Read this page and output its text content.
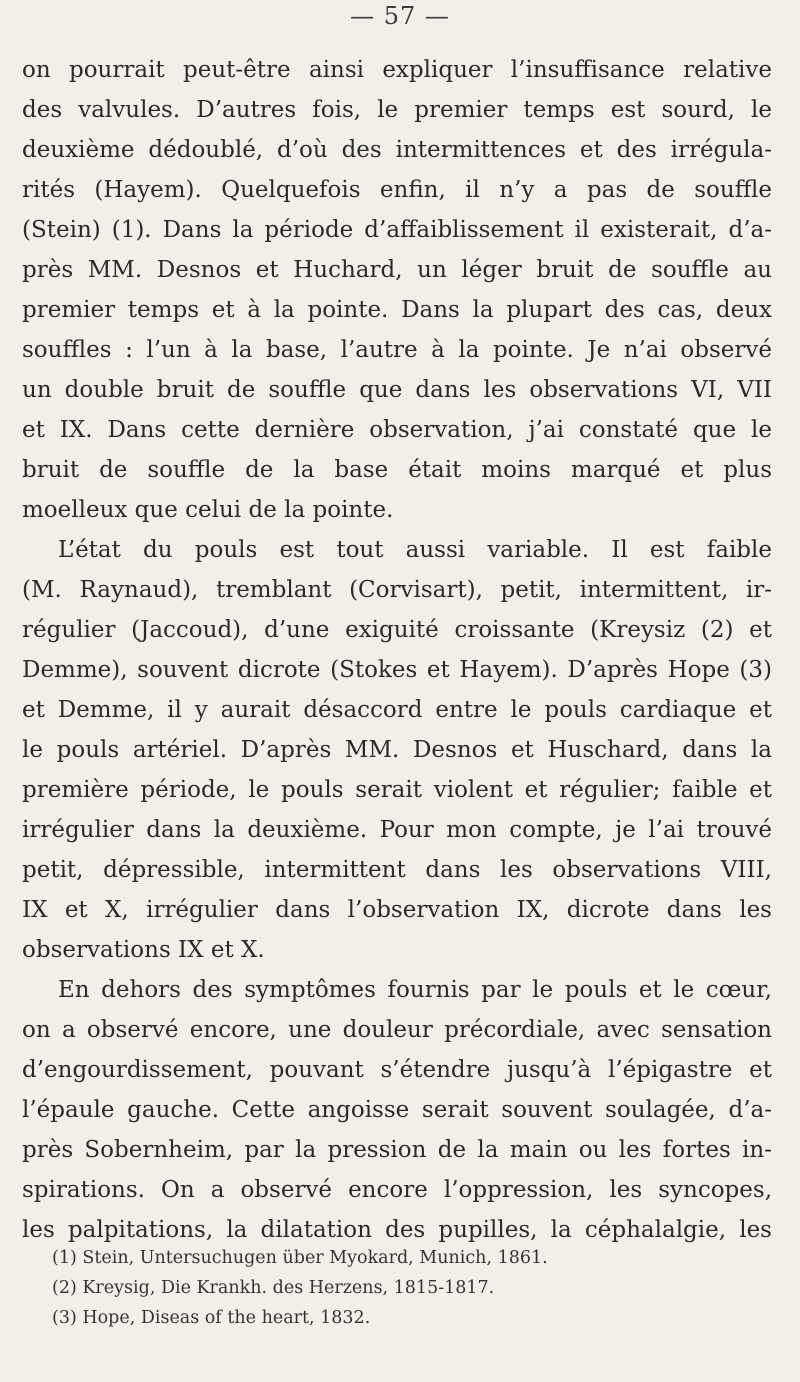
— 57 —
on pourrait peut-être ainsi expliquer l’insuffisance relative
des valvules. D’autres fois, le premier temps est sourd, le
deuxième dédoublé, d’où des intermittences et des irrégula-
rités (Hayem). Quelquefois enfin, il n’y a pas de souffle
(Stein) (1). Dans la période d’affaiblissement il existerait, d’a-
près MM. Desnos et Huchard, un léger bruit de souffle au
premier temps et à la pointe. Dans la plupart des cas, deux
souffles : l’un à la base, l’autre à la pointe. Je n’ai observé
un double bruit de souffle que dans les observations VI, VII
et IX. Dans cette dernière observation, j’ai constaté que le
bruit de souffle de la base était moins marqué et plus
moelleux que celui de la pointe.
L’état du pouls est tout aussi variable. Il est faible
(M. Raynaud), tremblant (Corvisart), petit, intermittent, ir-
régulier (Jaccoud), d’une exiguité croissante (Kreysiz (2) et
Demme), souvent dicrote (Stokes et Hayem). D’après Hope (3)
et Demme, il y aurait désaccord entre le pouls cardiaque et
le pouls artériel. D’après MM. Desnos et Huschard, dans la
première période, le pouls serait violent et régulier; faible et
irrégulier dans la deuxième. Pour mon compte, je l’ai trouvé
petit, dépressible, intermittent dans les observations VIII,
IX et X, irrégulier dans l’observation IX, dicrote dans les
observations IX et X.
En dehors des symptômes fournis par le pouls et le cœur,
on a observé encore, une douleur précordiale, avec sensation
d’engourdissement, pouvant s’étendre jusqu’à l’épigastre et
l’épaule gauche. Cette angoisse serait souvent soulagée, d’a-
près Sobernheim, par la pression de la main ou les fortes in-
spirations. On a observé encore l’oppression, les syncopes,
les palpitations, la dilatation des pupilles, la céphalalgie, les
(1) Stein, Untersuchugen über Myokard, Munich, 1861.
(2) Kreysig, Die Krankh. des Herzens, 1815-1817.
(3) Hope, Diseas of the heart, 1832.
